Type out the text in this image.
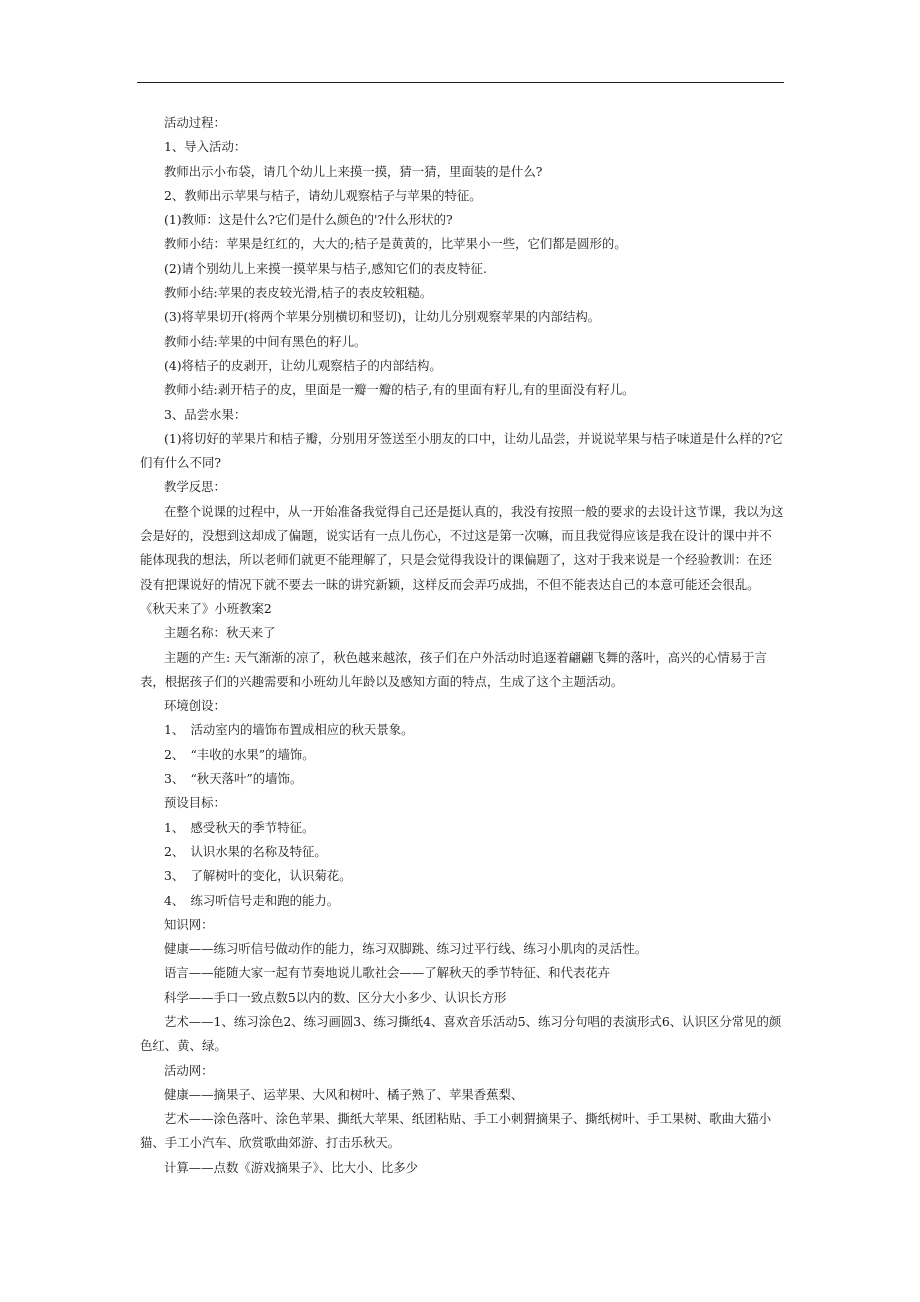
活动过程：

1、导入活动：

教师出示小布袋，请几个幼儿上来摸一摸，猜一猜，里面装的是什么?

2、教师出示苹果与桔子，请幼儿观察桔子与苹果的特征。

(1)教师：这是什么?它们是什么颜色的'?什么形状的?

教师小结：苹果是红红的，大大的;桔子是黄黄的，比苹果小一些，它们都是圆形的。

(2)请个别幼儿上来摸一摸苹果与桔子,感知它们的表皮特征.

教师小结:苹果的表皮较光滑,桔子的表皮较粗糙。

(3)将苹果切开(将两个苹果分别横切和竖切)，让幼儿分别观察苹果的内部结构。

教师小结:苹果的中间有黑色的籽儿。

(4)将桔子的皮剥开，让幼儿观察桔子的内部结构。

教师小结:剥开桔子的皮，里面是一瓣一瓣的桔子,有的里面有籽儿,有的里面没有籽儿。

3、品尝水果：

(1)将切好的苹果片和桔子瓣，分别用牙签送至小朋友的口中，让幼儿品尝，并说说苹果与桔子味道是什么样的?它们有什么不同?

教学反思：

在整个说课的过程中，从一开始准备我觉得自己还是挺认真的，我没有按照一般的要求的去设计这节课，我以为这会是好的，没想到这却成了偏题，说实话有一点儿伤心，不过这是第一次嘛，而且我觉得应该是我在设计的课中并不能体现我的想法，所以老师们就更不能理解了，只是会觉得我设计的课偏题了，这对于我来说是一个经验教训：在还没有把课说好的情况下就不要去一昧的讲究新颖，这样反而会弄巧成拙，不但不能表达自己的本意可能还会很乱。

《秋天来了》小班教案2

主题名称：秋天来了

主题的产生: 天气渐渐的凉了，秋色越来越浓，孩子们在户外活动时追逐着翩翩飞舞的落叶，高兴的心情易于言表，根据孩子们的兴趣需要和小班幼儿年龄以及感知方面的特点，生成了这个主题活动。

环境创设：

1、　活动室内的墙饰布置成相应的秋天景象。

2、　“丰收的水果”的墙饰。

3、　“秋天落叶”的墙饰。

预设目标：

1、　感受秋天的季节特征。

2、　认识水果的名称及特征。

3、　了解树叶的变化，认识菊花。

4、　练习听信号走和跑的能力。

知识网：

健康——练习听信号做动作的能力，练习双脚跳、练习过平行线、练习小肌肉的灵活性。

语言——能随大家一起有节奏地说儿歌社会——了解秋天的季节特征、和代表花卉

科学——手口一致点数5以内的数、区分大小多少、认识长方形

艺术——1、练习涂色2、练习画圆3、练习撕纸4、喜欢音乐活动5、练习分句唱的表演形式6、认识区分常见的颜色红、黄、绿。

活动网：

健康——摘果子、运苹果、大风和树叶、橘子熟了、苹果香蕉梨、

艺术——涂色落叶、涂色苹果、撕纸大苹果、纸团粘贴、手工小刺猬摘果子、撕纸树叶、手工果树、歌曲大猫小猫、手工小汽车、欣赏歌曲郊游、打击乐秋天。

计算——点数《游戏摘果子》、比大小、比多少
